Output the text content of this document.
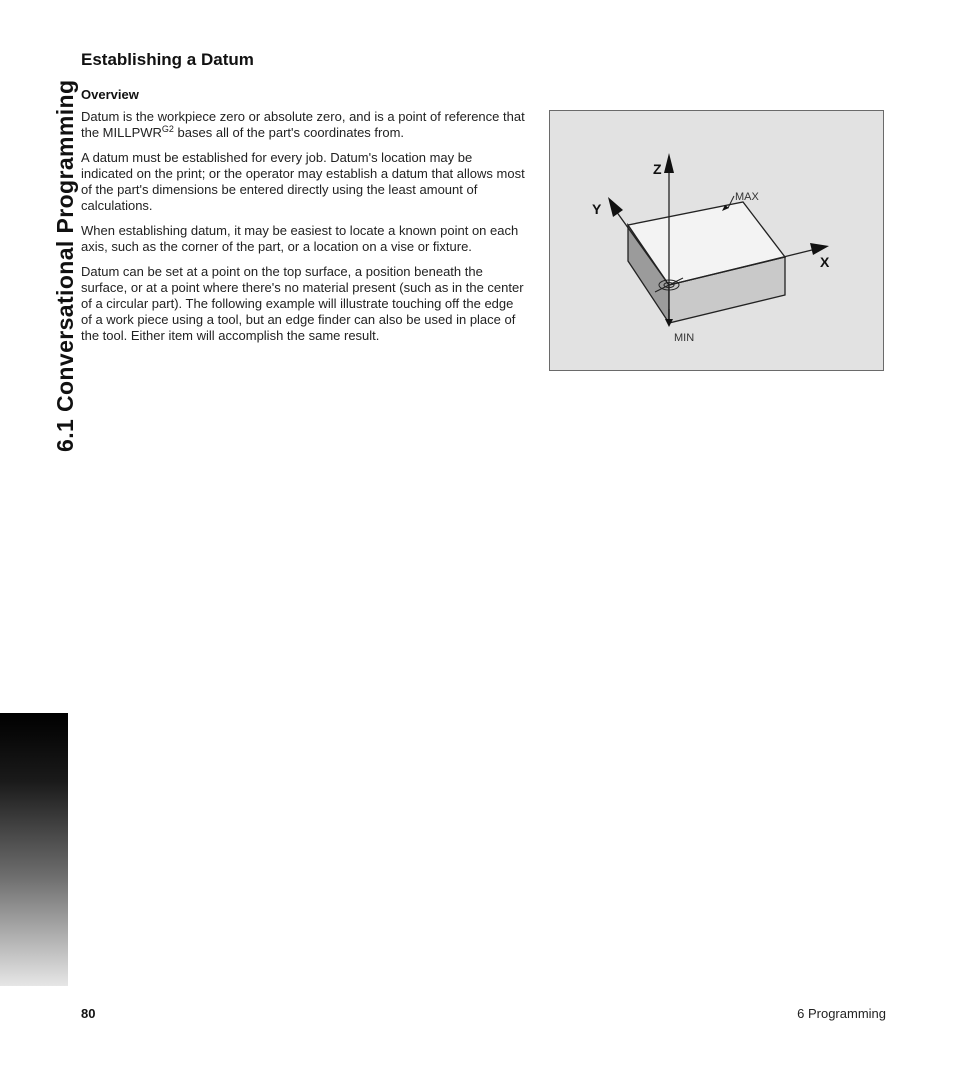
6.1 Conversational Programming
Establishing a Datum
Overview

Datum is the workpiece zero or absolute zero, and is a point of reference that the $MILLPWR^{G2}$ bases all of the part's coordinates from.

A datum must be established for every job. Datum's location may be indicated on the print; or the operator may establish a datum that allows most of the part's dimensions be entered directly using the least amount of calculations.

When establishing datum, it may be easiest to locate a known point on each axis, such as the corner of the part, or a location on a vise or fixture.

Datum can be set at a point on the top surface, a position beneath the surface, or at a point where there's no material present (such as in the center of a circular part). The following example will illustrate touching off the edge of a work piece using a tool, but an edge finder can also be used in place of the tool. Either item will accomplish the same result.

Z
Y
X
MAX
MIN
80	6 Programming
